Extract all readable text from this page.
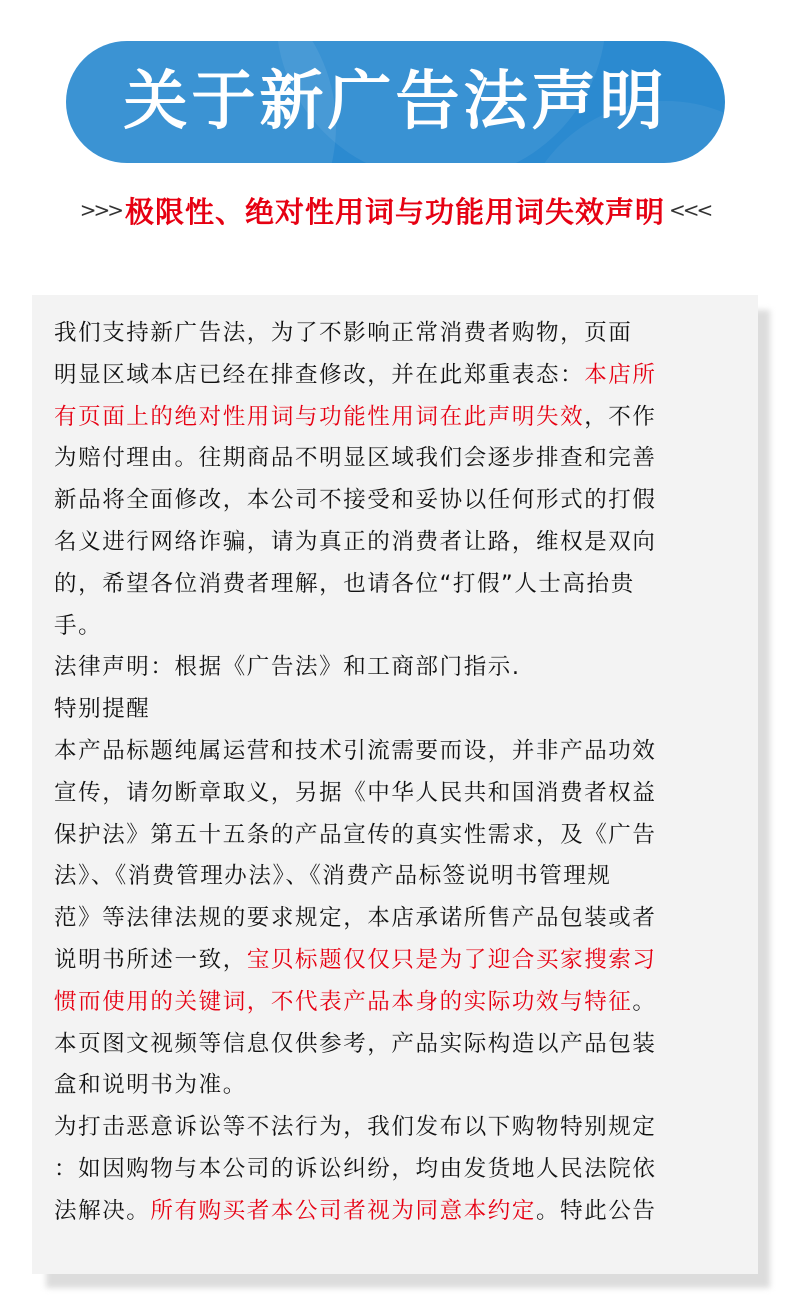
关于新广告法声明
>>> 极限性、绝对性用词与功能用词失效声明 <<<
我们支持新广告法，为了不影响正常消费者购物，页面
明显区域本店已经在排查修改，并在此郑重表态：本店所
有页面上的绝对性用词与功能性用词在此声明失效，不作
为赔付理由。往期商品不明显区域我们会逐步排查和完善
新品将全面修改，本公司不接受和妥协以任何形式的打假
名义进行网络诈骗，请为真正的消费者让路，维权是双向
的，希望各位消费者理解，也请各位“打假”人士高抬贵
手。
法律声明：根据《广告法》和工商部门指示.
特别提醒
本产品标题纯属运营和技术引流需要而设，并非产品功效
宣传，请勿断章取义，另据《中华人民共和国消费者权益
保护法》第五十五条的产品宣传的真实性需求，及《广告
法》、《消费管理办法》、《消费产品标签说明书管理规
范》等法律法规的要求规定，本店承诺所售产品包装或者
说明书所述一致，宝贝标题仅仅只是为了迎合买家搜索习
惯而使用的关键词，不代表产品本身的实际功效与特征。
本页图文视频等信息仅供参考，产品实际构造以产品包装
盒和说明书为准。
为打击恶意诉讼等不法行为，我们发布以下购物特别规定
：如因购物与本公司的诉讼纠纷，均由发货地人民法院依
法解决。所有购买者本公司者视为同意本约定。特此公告
